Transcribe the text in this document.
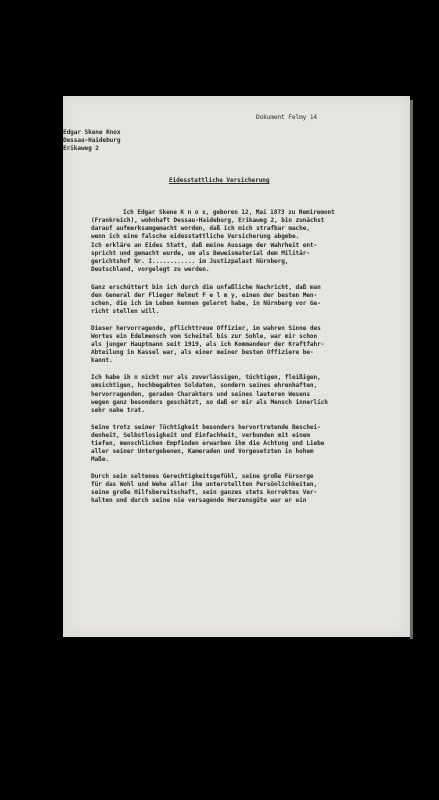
Dokument Felmy 14
Edgar Skene Knox
Dessau-Haideburg
Erikaweg 2
Eidesstattliche Versicherung
Ich Edgar Skene K n o x, geboren 12, Mai 1873 zu Remiremont
(Frankreich), wohnhaft Dessau-Haideburg, Erikaweg 2, bin zunächst
darauf aufmerksamgemacht worden, daß ich mich strafbar mache,
wenn ich eine falsche eidesstattliche Versicherung abgebe.
Ich erkläre an Eides Statt, daß meine Aussage der Wahrheit ent-
spricht und gemacht wurde, um als Beweismaterial dem Militär-
gerichtshof Nr. I............ im Justizpalast Nürnberg,
Deutschland, vorgelegt zu werden.
Ganz erschüttert bin ich durch die unfaßliche Nachricht, daß man
den General der Flieger Helmut F e l m y, einen der besten Men-
schen, die ich im Leben kennen gelernt habe, in Nürnberg vor Ge-
richt stellen will.
Dieser hervorragende, pflichttreue Offizier, im wahren Sinne des
Wortes ein Edelmensch vom Scheitel bis zur Sohle, war mir schon
als junger Hauptmann seit 1919, als ich Kommandeur der Kraftfahr-
Abteilung in Kassel war, als einer meiner besten Offiziere be-
kannt.
Ich habe ih n nicht nur als zuverlässigen, tüchtigen, fleißigen,
umsichtigen, hochbegabten Soldaten, sondern seines ehrenhaften,
hervorragenden, geraden Charakters und seines lauteren Wesens
wegen ganz besonders geschätzt, so daß er mir als Mensch innerlich
sehr nahe trat.
Seine trotz seiner Tüchtigkeit besonders hervortretende Beschei-
denheit, Selbstlosigkeit und Einfachheit, verbunden mit einem
tiefen, menschlichen Empfinden erwarben ihm die Achtung und Liebe
aller seiner Untergebenen, Kameraden und Vorgesetzten in hohem
Maße.
Durch sein seltenes Gerechtigkeitsgefühl, seine große Fürsorge
für das Wohl und Wehe aller ihm unterstellten Persönlichkeiten,
seine große Hilfsbereitschaft, sein ganzes stets korrektes Ver-
halten und durch seine nie versagende Herzensgüte war er ein
